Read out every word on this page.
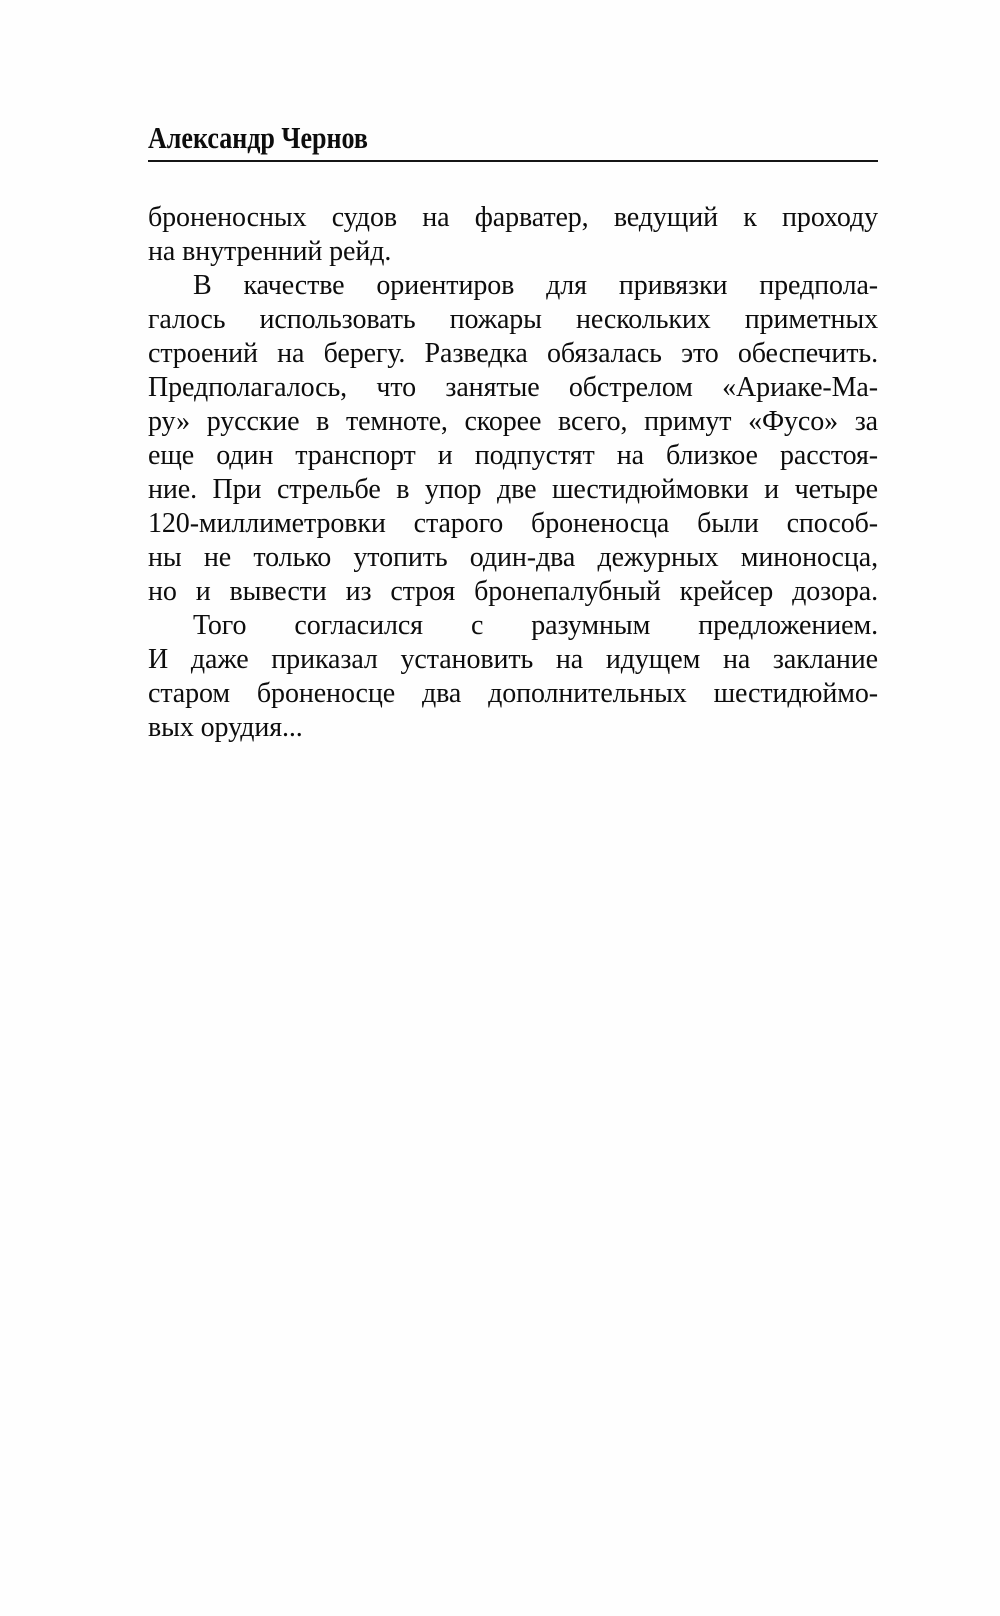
Александр Чернов
броненосных судов на фарватер, ведущий к проходу
на внутренний рейд.
В качестве ориентиров для привязки предпола-
галось использовать пожары нескольких приметных
строений на берегу. Разведка обязалась это обеспечить.
Предполагалось, что занятые обстрелом «Ариаке-Ма-
ру» русские в темноте, скорее всего, примут «Фусо» за
еще один транспорт и подпустят на близкое расстоя-
ние. При стрельбе в упор две шестидюймовки и четыре
120-миллиметровки старого броненосца были способ-
ны не только утопить один-два дежурных миноносца,
но и вывести из строя бронепалубный крейсер дозора.
Того согласился с разумным предложением.
И даже приказал установить на идущем на заклание
старом броненосце два дополнительных шестидюймо-
вых орудия...
